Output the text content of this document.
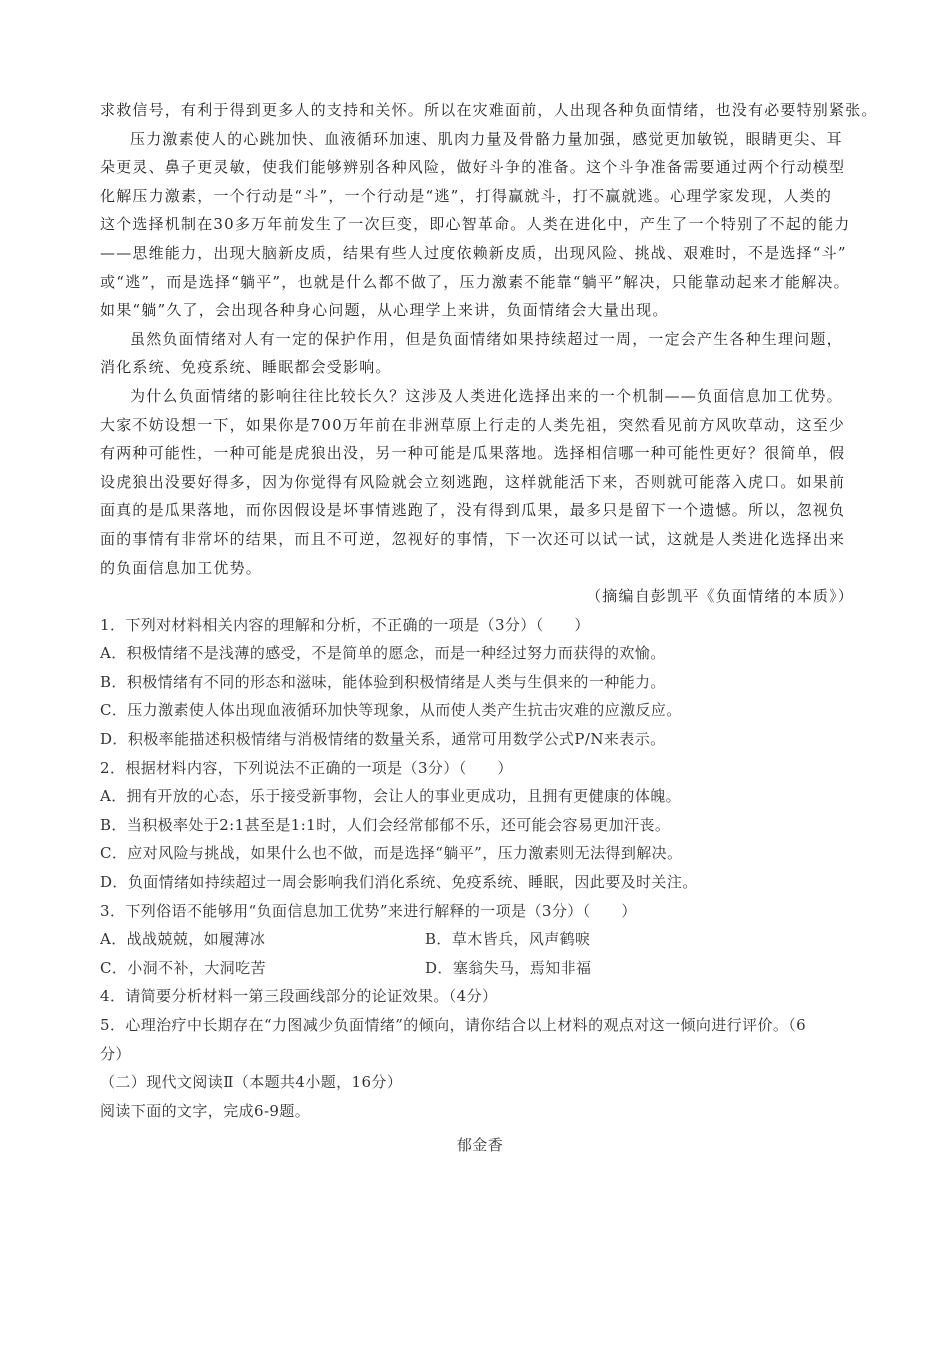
求救信号，有利于得到更多人的支持和关怀。所以在灾难面前，人出现各种负面情绪，也没有必要特别紧张。
压力激素使人的心跳加快、血液循环加速、肌肉力量及骨骼力量加强，感觉更加敏锐，眼睛更尖、耳
朵更灵、鼻子更灵敏，使我们能够辨别各种风险，做好斗争的准备。这个斗争准备需要通过两个行动模型
化解压力激素，一个行动是“斗”，一个行动是“逃”，打得赢就斗，打不赢就逃。心理学家发现，人类的
这个选择机制在30多万年前发生了一次巨变，即心智革命。人类在进化中，产生了一个特别了不起的能力
——思维能力，出现大脑新皮质，结果有些人过度依赖新皮质，出现风险、挑战、艰难时，不是选择“斗”
或“逃”，而是选择“躺平”，也就是什么都不做了，压力激素不能靠“躺平”解决，只能靠动起来才能解决。
如果“躺”久了，会出现各种身心问题，从心理学上来讲，负面情绪会大量出现。
虽然负面情绪对人有一定的保护作用，但是负面情绪如果持续超过一周，一定会产生各种生理问题，
消化系统、免疫系统、睡眠都会受影响。
为什么负面情绪的影响往往比较长久？这涉及人类进化选择出来的一个机制——负面信息加工优势。
大家不妨设想一下，如果你是700万年前在非洲草原上行走的人类先祖，突然看见前方风吹草动，这至少
有两种可能性，一种可能是虎狼出没，另一种可能是瓜果落地。选择相信哪一种可能性更好？很简单，假
设虎狼出没要好得多，因为你觉得有风险就会立刻逃跑，这样就能活下来，否则就可能落入虎口。如果前
面真的是瓜果落地，而你因假设是坏事情逃跑了，没有得到瓜果，最多只是留下一个遗憾。所以，忽视负
面的事情有非常坏的结果，而且不可逆，忽视好的事情，下一次还可以试一试，这就是人类进化选择出来
的负面信息加工优势。
（摘编自彭凯平《负面情绪的本质》）
1．下列对材料相关内容的理解和分析，不正确的一项是（3分）（　　）
A．积极情绪不是浅薄的感受，不是简单的愿念，而是一种经过努力而获得的欢愉。
B．积极情绪有不同的形态和滋味，能体验到积极情绪是人类与生俱来的一种能力。
C．压力激素使人体出现血液循环加快等现象，从而使人类产生抗击灾难的应激反应。
D．积极率能描述积极情绪与消极情绪的数量关系，通常可用数学公式P/N来表示。
2．根据材料内容，下列说法不正确的一项是（3分）（　　）
A．拥有开放的心态，乐于接受新事物，会让人的事业更成功，且拥有更健康的体魄。
B．当积极率处于2:1甚至是1:1时，人们会经常郁郁不乐，还可能会容易更加汗丧。
C．应对风险与挑战，如果什么也不做，而是选择“躺平”，压力激素则无法得到解决。
D．负面情绪如持续超过一周会影响我们消化系统、免疫系统、睡眠，因此要及时关注。
3．下列俗语不能够用“负面信息加工优势”来进行解释的一项是（3分）（　　）
A．战战兢兢，如履薄冰	B．草木皆兵，风声鹤唳
C．小洞不补，大洞吃苦	D．塞翁失马，焉知非福
4．请简要分析材料一第三段画线部分的论证效果。（4分）
5．心理治疗中长期存在“力图减少负面情绪”的倾向，请你结合以上材料的观点对这一倾向进行评价。（6
分）
（二）现代文阅读Ⅱ（本题共4小题，16分）
阅读下面的文字，完成6-9题。
郁金香
